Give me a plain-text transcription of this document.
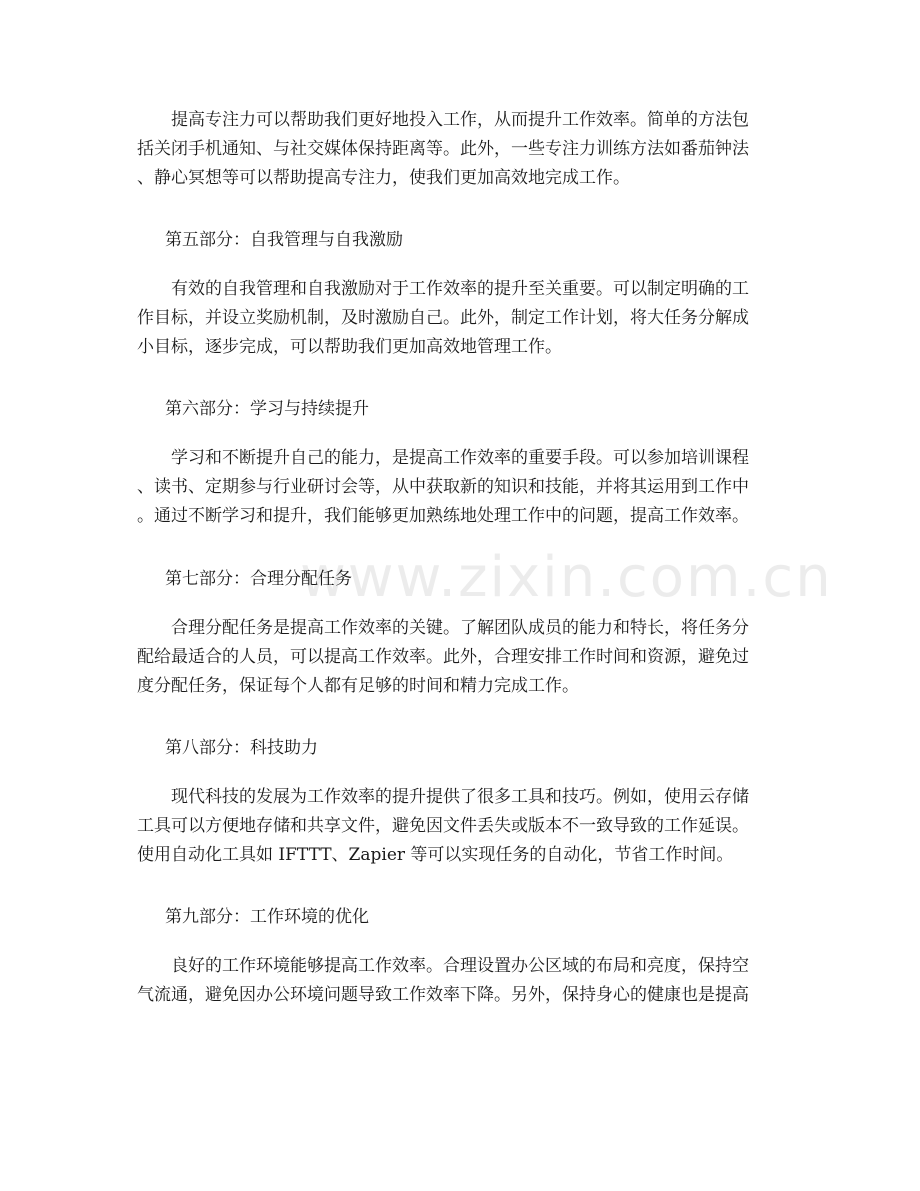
www.zixin.com.cn

提高专注力可以帮助我们更好地投入工作，从而提升工作效率。简单的方法包
括关闭手机通知、与社交媒体保持距离等。此外，一些专注力训练方法如番茄钟法
、静心冥想等可以帮助提高专注力，使我们更加高效地完成工作。

第五部分：自我管理与自我激励

有效的自我管理和自我激励对于工作效率的提升至关重要。可以制定明确的工
作目标，并设立奖励机制，及时激励自己。此外，制定工作计划，将大任务分解成
小目标，逐步完成，可以帮助我们更加高效地管理工作。

第六部分：学习与持续提升

学习和不断提升自己的能力，是提高工作效率的重要手段。可以参加培训课程
、读书、定期参与行业研讨会等，从中获取新的知识和技能，并将其运用到工作中
。通过不断学习和提升，我们能够更加熟练地处理工作中的问题，提高工作效率。

第七部分：合理分配任务

合理分配任务是提高工作效率的关键。了解团队成员的能力和特长，将任务分
配给最适合的人员，可以提高工作效率。此外，合理安排工作时间和资源，避免过
度分配任务，保证每个人都有足够的时间和精力完成工作。

第八部分：科技助力

现代科技的发展为工作效率的提升提供了很多工具和技巧。例如，使用云存储
工具可以方便地存储和共享文件，避免因文件丢失或版本不一致导致的工作延误。
使用自动化工具如 IFTTT、Zapier 等可以实现任务的自动化，节省工作时间。

第九部分：工作环境的优化

良好的工作环境能够提高工作效率。合理设置办公区域的布局和亮度，保持空
气流通，避免因办公环境问题导致工作效率下降。另外，保持身心的健康也是提高
